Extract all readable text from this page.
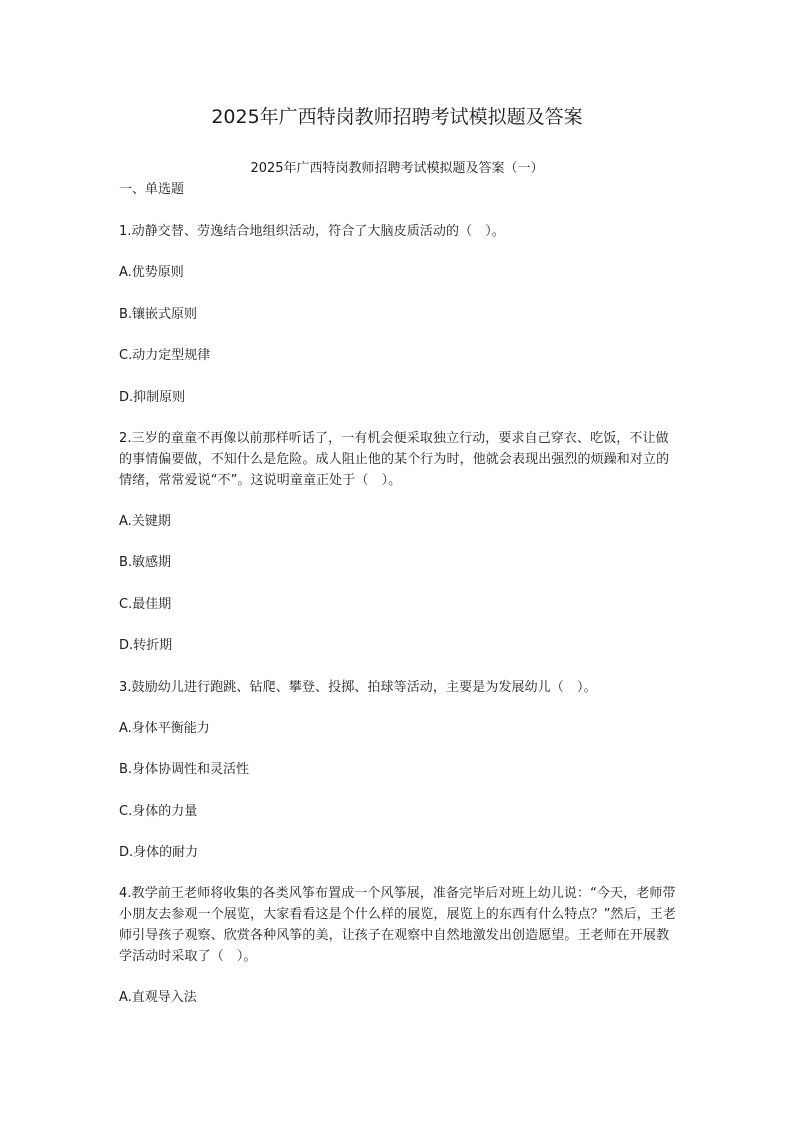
2025年广西特岗教师招聘考试模拟题及答案
2025年广西特岗教师招聘考试模拟题及答案（一）
一、单选题

1.动静交替、劳逸结合地组织活动，符合了大脑皮质活动的（　）。

A.优势原则

B.镶嵌式原则

C.动力定型规律

D.抑制原则

2.三岁的童童不再像以前那样听话了，一有机会便采取独立行动，要求自己穿衣、吃饭，不让做的事情偏要做，不知什么是危险。成人阻止他的某个行为时，他就会表现出强烈的烦躁和对立的情绪，常常爱说“不”。这说明童童正处于（　）。

A.关键期

B.敏感期

C.最佳期

D.转折期

3.鼓励幼儿进行跑跳、钻爬、攀登、投掷、拍球等活动，主要是为发展幼儿（　）。

A.身体平衡能力

B.身体协调性和灵活性

C.身体的力量

D.身体的耐力

4.教学前王老师将收集的各类风筝布置成一个风筝展，准备完毕后对班上幼儿说：“今天，老师带小朋友去参观一个展览，大家看看这是个什么样的展览，展览上的东西有什么特点？”然后，王老师引导孩子观察、欣赏各种风筝的美，让孩子在观察中自然地激发出创造愿望。王老师在开展教学活动时采取了（　）。

A.直观导入法
